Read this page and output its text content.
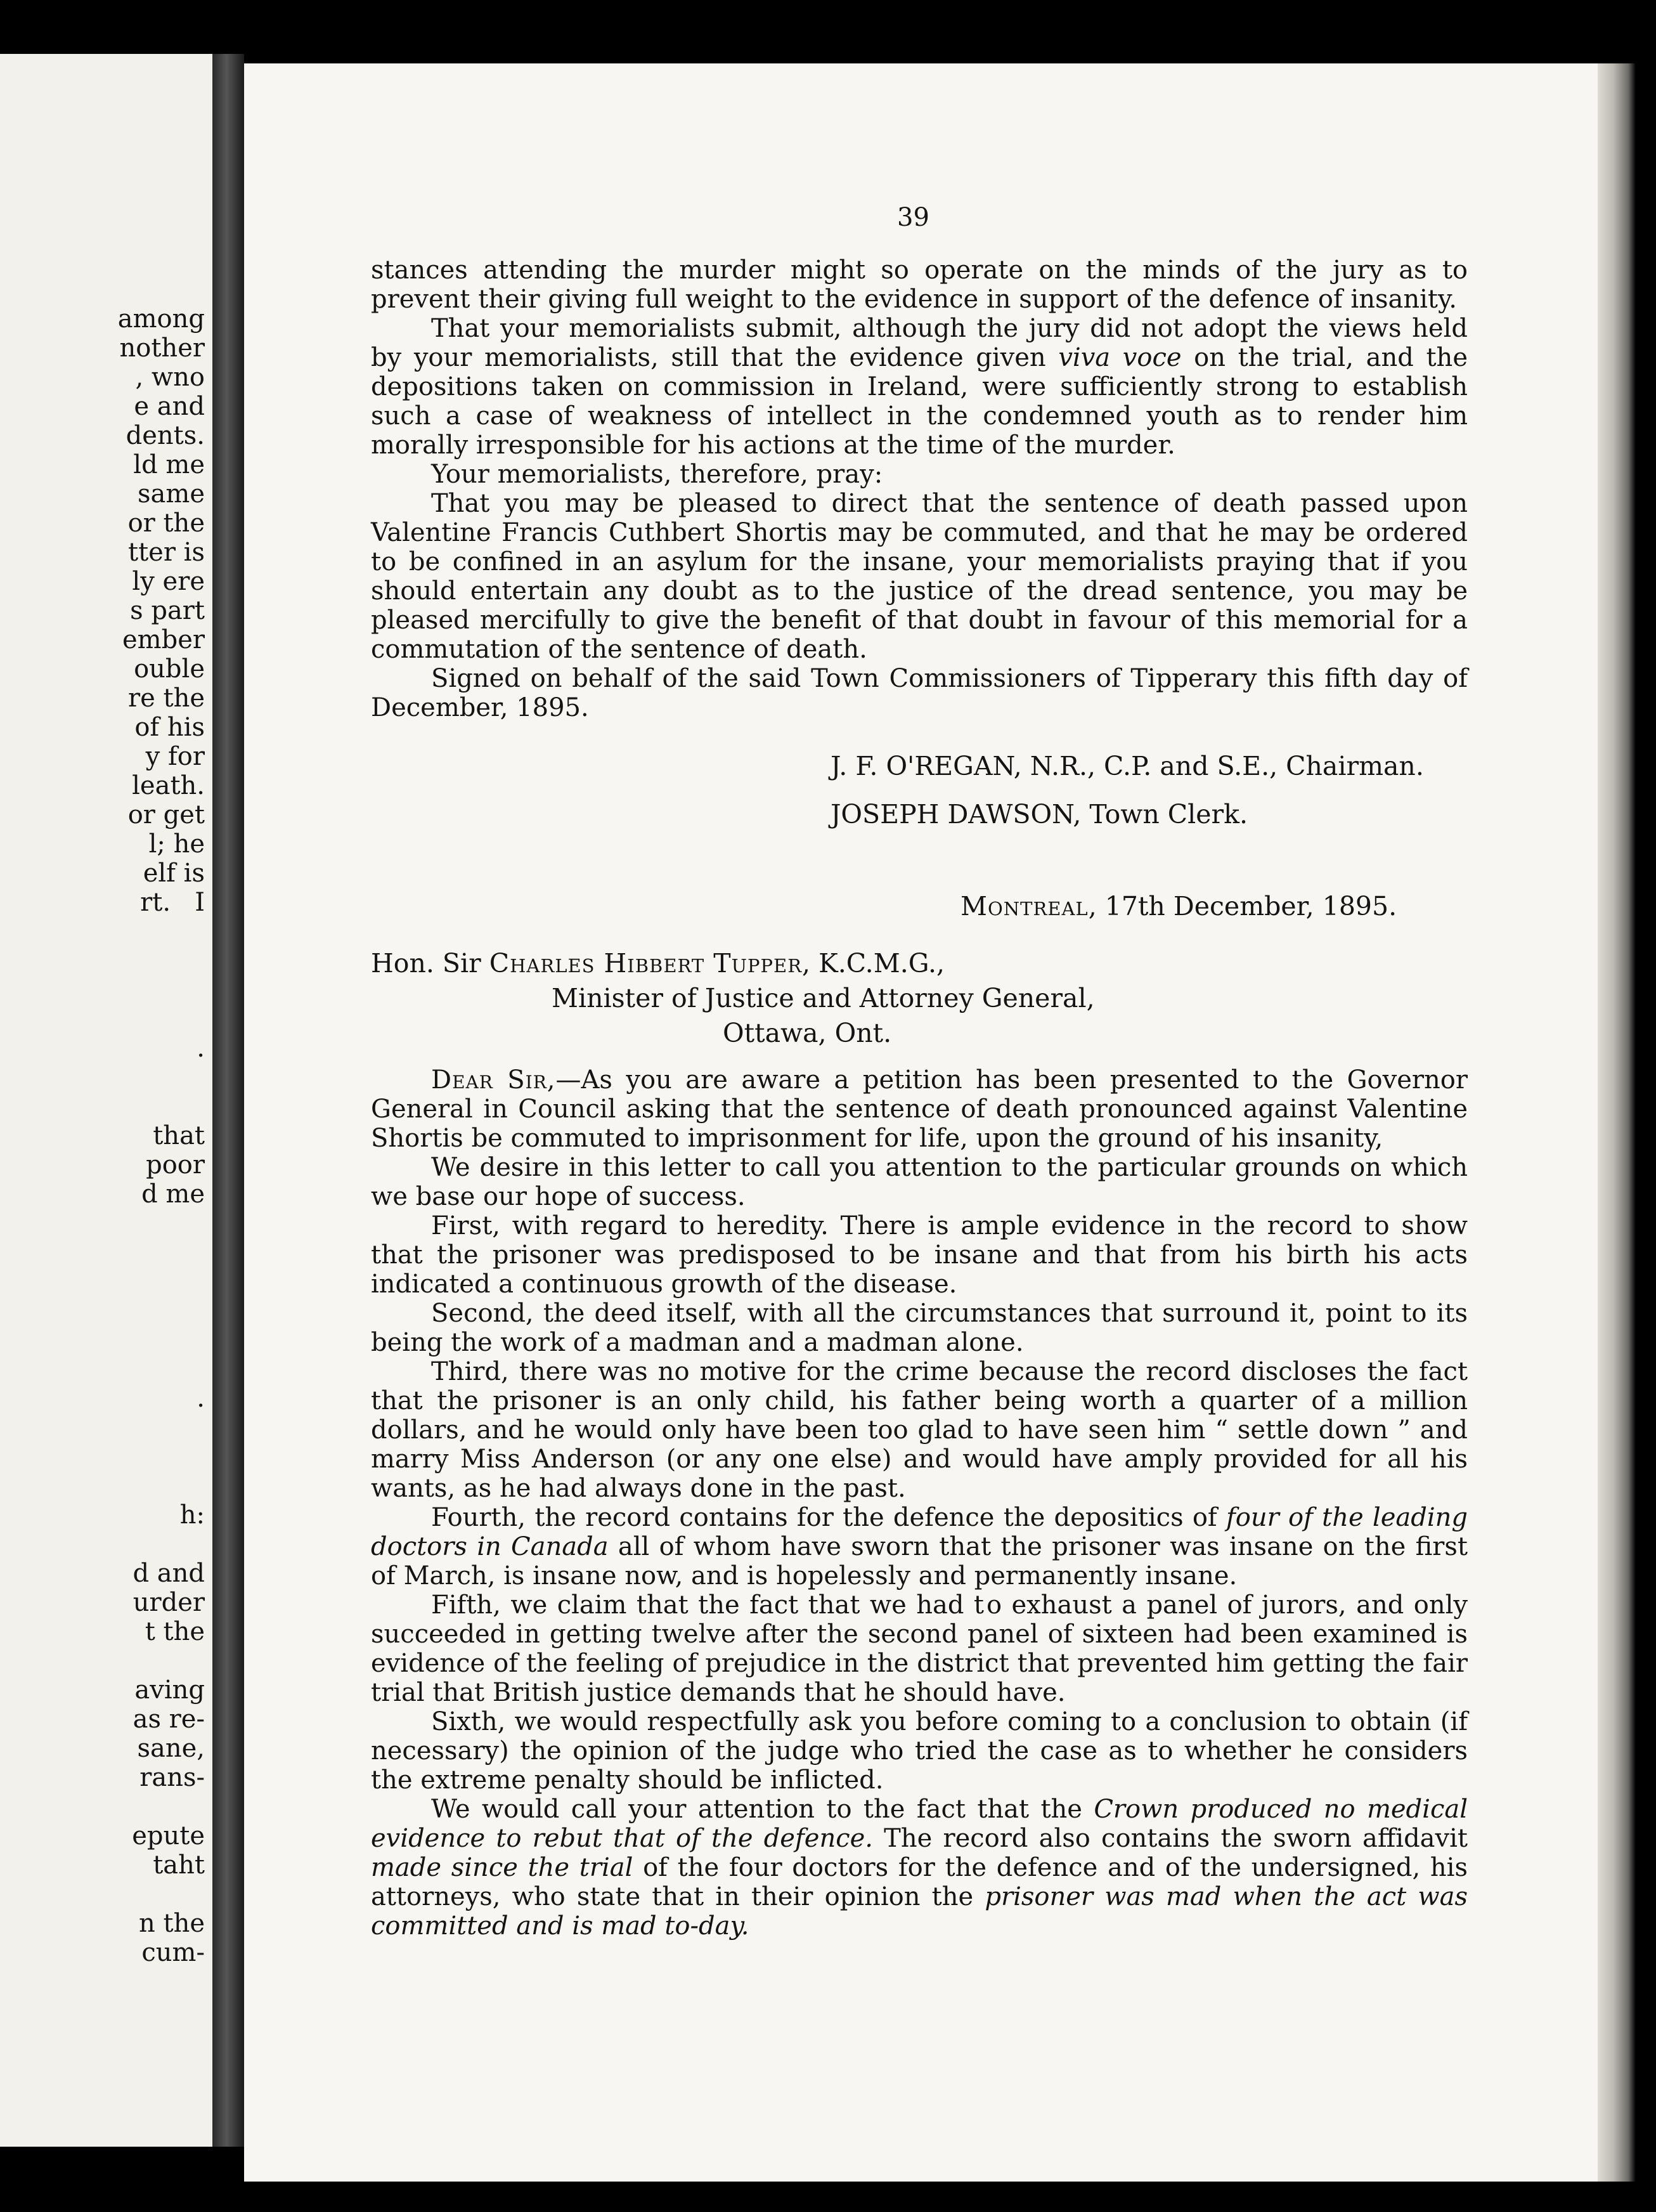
among
nother
, wno
e and
dents.
ld me
same
or the
tter is
ly ere
s part
ember
ouble
re the
of his
y for
leath.
or get
l; he
elf is
rt.   I
.
that
poor
d me
.
h:
d and
urder
t the
aving
as re-
sane,
rans-
epute
taht
n the
cum-
39

stances attending the murder might so operate on the minds of the jury as to prevent their giving full weight to the evidence in support of the defence of insanity.

That your memorialists submit, although the jury did not adopt the views held by your memorialists, still that the evidence given viva voce on the trial, and the depositions taken on commission in Ireland, were sufficiently strong to establish such a case of weakness of intellect in the condemned youth as to render him morally irresponsible for his actions at the time of the murder.

Your memorialists, therefore, pray:

That you may be pleased to direct that the sentence of death passed upon Valentine Francis Cuthbert Shortis may be commuted, and that he may be ordered to be confined in an asylum for the insane, your memorialists praying that if you should entertain any doubt as to the justice of the dread sentence, you may be pleased mercifully to give the benefit of that doubt in favour of this memorial for a commutation of the sentence of death.

Signed on behalf of the said Town Commissioners of Tipperary this fifth day of December, 1895.

J. F. O'REGAN, N.R., C.P. and S.E., Chairman.
JOSEPH DAWSON, Town Clerk.
Montreal, 17th December, 1895.
Hon. Sir Charles Hibbert Tupper, K.C.M.G.,
Minister of Justice and Attorney General,
Ottawa, Ont.

Dear Sir,—As you are aware a petition has been presented to the Governor General in Council asking that the sentence of death pronounced against Valentine Shortis be commuted to imprisonment for life, upon the ground of his insanity,

We desire in this letter to call you attention to the particular grounds on which we base our hope of success.

First, with regard to heredity. There is ample evidence in the record to show that the prisoner was predisposed to be insane and that from his birth his acts indicated a continuous growth of the disease.

Second, the deed itself, with all the circumstances that surround it, point to its being the work of a madman and a madman alone.

Third, there was no motive for the crime because the record discloses the fact that the prisoner is an only child, his father being worth a quarter of a million dollars, and he would only have been too glad to have seen him “ settle down ” and marry Miss Anderson (or any one else) and would have amply provided for all his wants, as he had always done in the past.

Fourth, the record contains for the defence the depositics of four of the leading doctors in Canada all of whom have sworn that the prisoner was insane on the first of March, is insane now, and is hopelessly and permanently insane.

Fifth, we claim that the fact that we had t o exhaust a panel of jurors, and only succeeded in getting twelve after the second panel of sixteen had been examined is evidence of the feeling of prejudice in the district that prevented him getting the fair trial that British justice demands that he should have.

Sixth, we would respectfully ask you before coming to a conclusion to obtain (if necessary) the opinion of the judge who tried the case as to whether he considers the extreme penalty should be inflicted.

We would call your attention to the fact that the Crown produced no medical evidence to rebut that of the defence. The record also contains the sworn affidavit made since the trial of the four doctors for the defence and of the undersigned, his attorneys, who state that in their opinion the prisoner was mad when the act was committed and is mad to-day.
